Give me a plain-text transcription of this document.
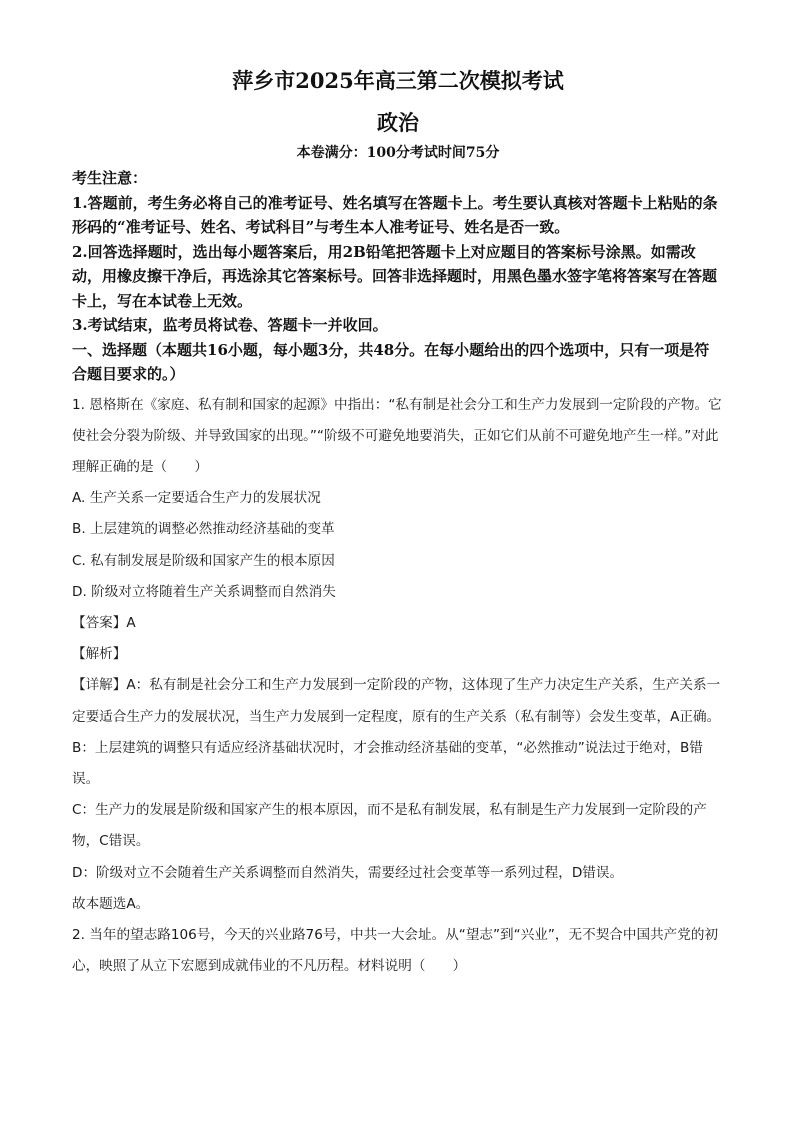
萍乡市2025年高三第二次模拟考试
政治
本卷满分：100分考试时间75分

考生注意：

1.答题前，考生务必将自己的准考证号、姓名填写在答题卡上。考生要认真核对答题卡上粘贴的条形码的“准考证号、姓名、考试科目”与考生本人准考证号、姓名是否一致。

2.回答选择题时，选出每小题答案后，用2B铅笔把答题卡上对应题目的答案标号涂黑。如需改动，用橡皮擦干净后，再选涂其它答案标号。回答非选择题时，用黑色墨水签字笔将答案写在答题卡上，写在本试卷上无效。

3.考试结束，监考员将试卷、答题卡一并收回。

一、选择题（本题共16小题，每小题3分，共48分。在每小题给出的四个选项中，只有一项是符合题目要求的。）

1. 恩格斯在《家庭、私有制和国家的起源》中指出：“私有制是社会分工和生产力发展到一定阶段的产物。它使社会分裂为阶级、并导致国家的出现。”“阶级不可避免地要消失，正如它们从前不可避免地产生一样。”对此理解正确的是（　　）

A. 生产关系一定要适合生产力的发展状况

B. 上层建筑的调整必然推动经济基础的变革

C. 私有制发展是阶级和国家产生的根本原因

D. 阶级对立将随着生产关系调整而自然消失

【答案】A

【解析】

【详解】A：私有制是社会分工和生产力发展到一定阶段的产物，这体现了生产力决定生产关系，生产关系一定要适合生产力的发展状况，当生产力发展到一定程度，原有的生产关系（私有制等）会发生变革，A正确。

B：上层建筑的调整只有适应经济基础状况时，才会推动经济基础的变革，“必然推动”说法过于绝对，B错误。

C：生产力的发展是阶级和国家产生的根本原因，而不是私有制发展，私有制是生产力发展到一定阶段的产物，C错误。

D：阶级对立不会随着生产关系调整而自然消失，需要经过社会变革等一系列过程，D错误。

故本题选A。

2. 当年的望志路106号，今天的兴业路76号，中共一大会址。从“望志”到“兴业”，无不契合中国共产党的初心，映照了从立下宏愿到成就伟业的不凡历程。材料说明（　　）
